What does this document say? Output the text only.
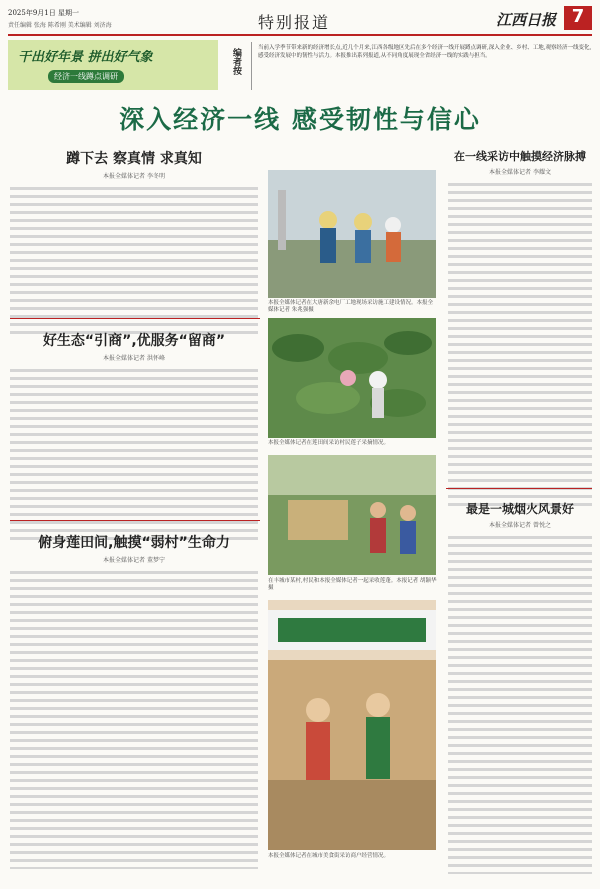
2025年9月1日 星期一
责任编辑 张海 陈希刚 美术编辑 刘济海	特别报道	江西日报 7
干出好年景 拼出好气象
经济一线蹲点调研
编者按	当前入学季节带来新的经济增长点,近几个月来,江西各级地区先后在多个经济一线开展蹲点调研,深入企业、乡村、工地,观察经济一线变化,感受经济发展中的韧性与活力。本报推出系列报道,从不同角度展现全省经济一线的实践与担当。
深入经济一线 感受韧性与信心
蹲下去 察真情 求真知
本报全媒体记者 李冬明
本报全媒体记者在大唐新余电厂工地现场采访施工建设情况。本报全媒体记者 朱兆强摄
在一线采访中触摸经济脉搏
本报全媒体记者 李耀文
好生态“引商”,优服务“留商”
本报全媒体记者 洪怀峰
本报全媒体记者在莲田间采访村民莲子采摘情况。
在丰城市某村,村民和本报全媒体记者一起采收莲蓬。本报记者 胡颖华摄
最是一城烟火风景好
本报全媒体记者 曾悦之
俯身莲田间,触摸“弱村”生命力
本报全媒体记者 董梦宁
本报全媒体记者在城市美食街采访商户经营情况。
